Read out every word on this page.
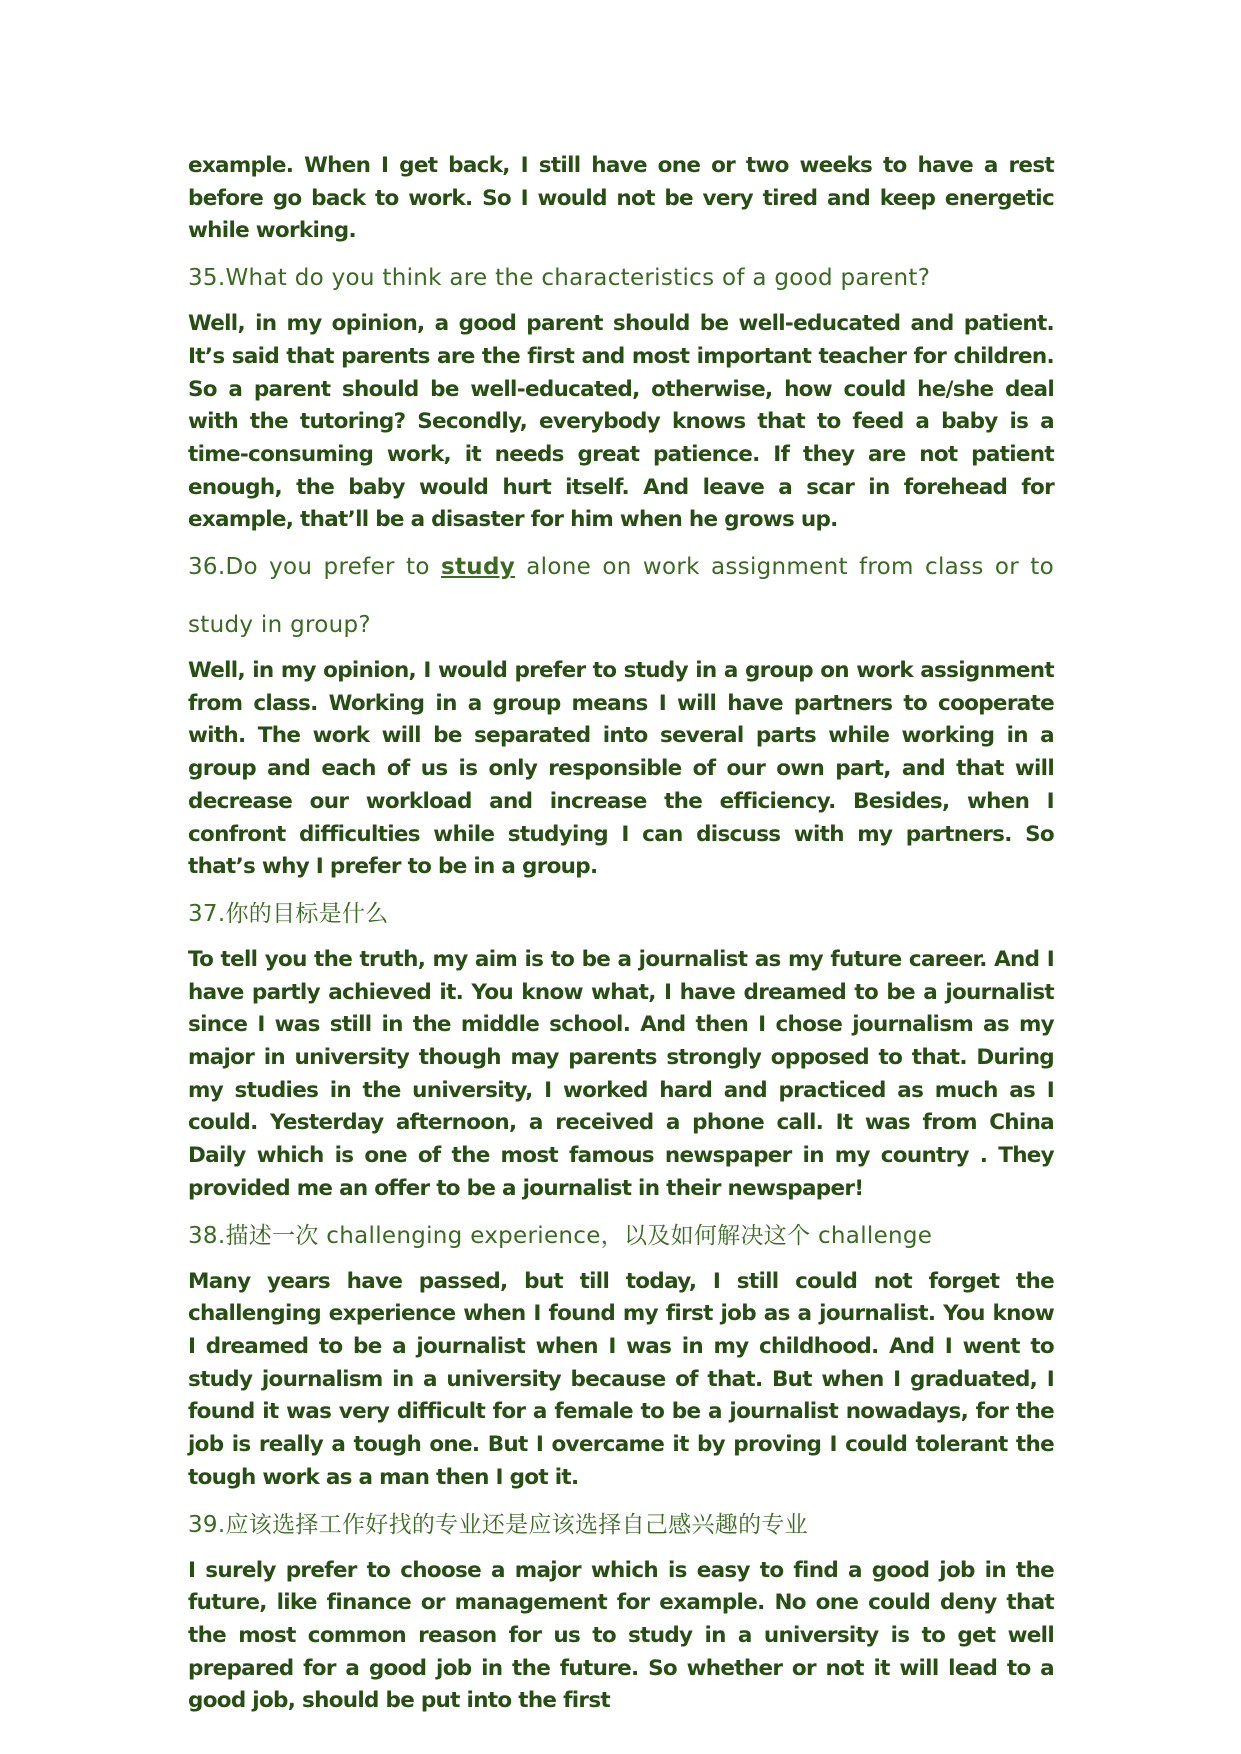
example. When I get back, I still have one or two weeks to have a rest before go back to work. So I would not be very tired and keep energetic while working.

35.What do you think are the characteristics of a good parent?

Well, in my opinion, a good parent should be well-educated and patient. It’s said that parents are the first and most important teacher for children. So a parent should be well-educated, otherwise, how could he/she deal with the tutoring? Secondly, everybody knows that to feed a baby is a time-consuming work, it needs great patience. If they are not patient enough, the baby would hurt itself. And leave a scar in forehead for example, that’ll be a disaster for him when he grows up.

36.Do you prefer to study alone on work assignment from class or to

study in group?

Well, in my opinion, I would prefer to study in a group on work assignment from class. Working in a group means I will have partners to cooperate with. The work will be separated into several parts while working in a group and each of us is only responsible of our own part, and that will decrease our workload and increase the efficiency. Besides, when I confront difficulties while studying I can discuss with my partners. So that’s why I prefer to be in a group.

37.你的目标是什么

To tell you the truth, my aim is to be a journalist as my future career. And I have partly achieved it. You know what, I have dreamed to be a journalist since I was still in the middle school. And then I chose journalism as my major in university though may parents strongly opposed to that. During my studies in the university, I worked hard and practiced as much as I could. Yesterday afternoon, a received a phone call. It was from China Daily which is one of the most famous newspaper in my country . They provided me an offer to be a journalist in their newspaper!

38.描述一次 challenging experience，以及如何解决这个 challenge

Many years have passed, but till today, I still could not forget the challenging experience when I found my first job as a journalist. You know I dreamed to be a journalist when I was in my childhood. And I went to study journalism in a university because of that. But when I graduated, I found it was very difficult for a female to be a journalist nowadays, for the job is really a tough one. But I overcame it by proving I could tolerant the tough work as a man then I got it.

39.应该选择工作好找的专业还是应该选择自己感兴趣的专业

I surely prefer to choose a major which is easy to find a good job in the future, like finance or management for example. No one could deny that the most common reason for us to study in a university is to get well prepared for a good job in the future. So whether or not it will lead to a good job, should be put into the first
